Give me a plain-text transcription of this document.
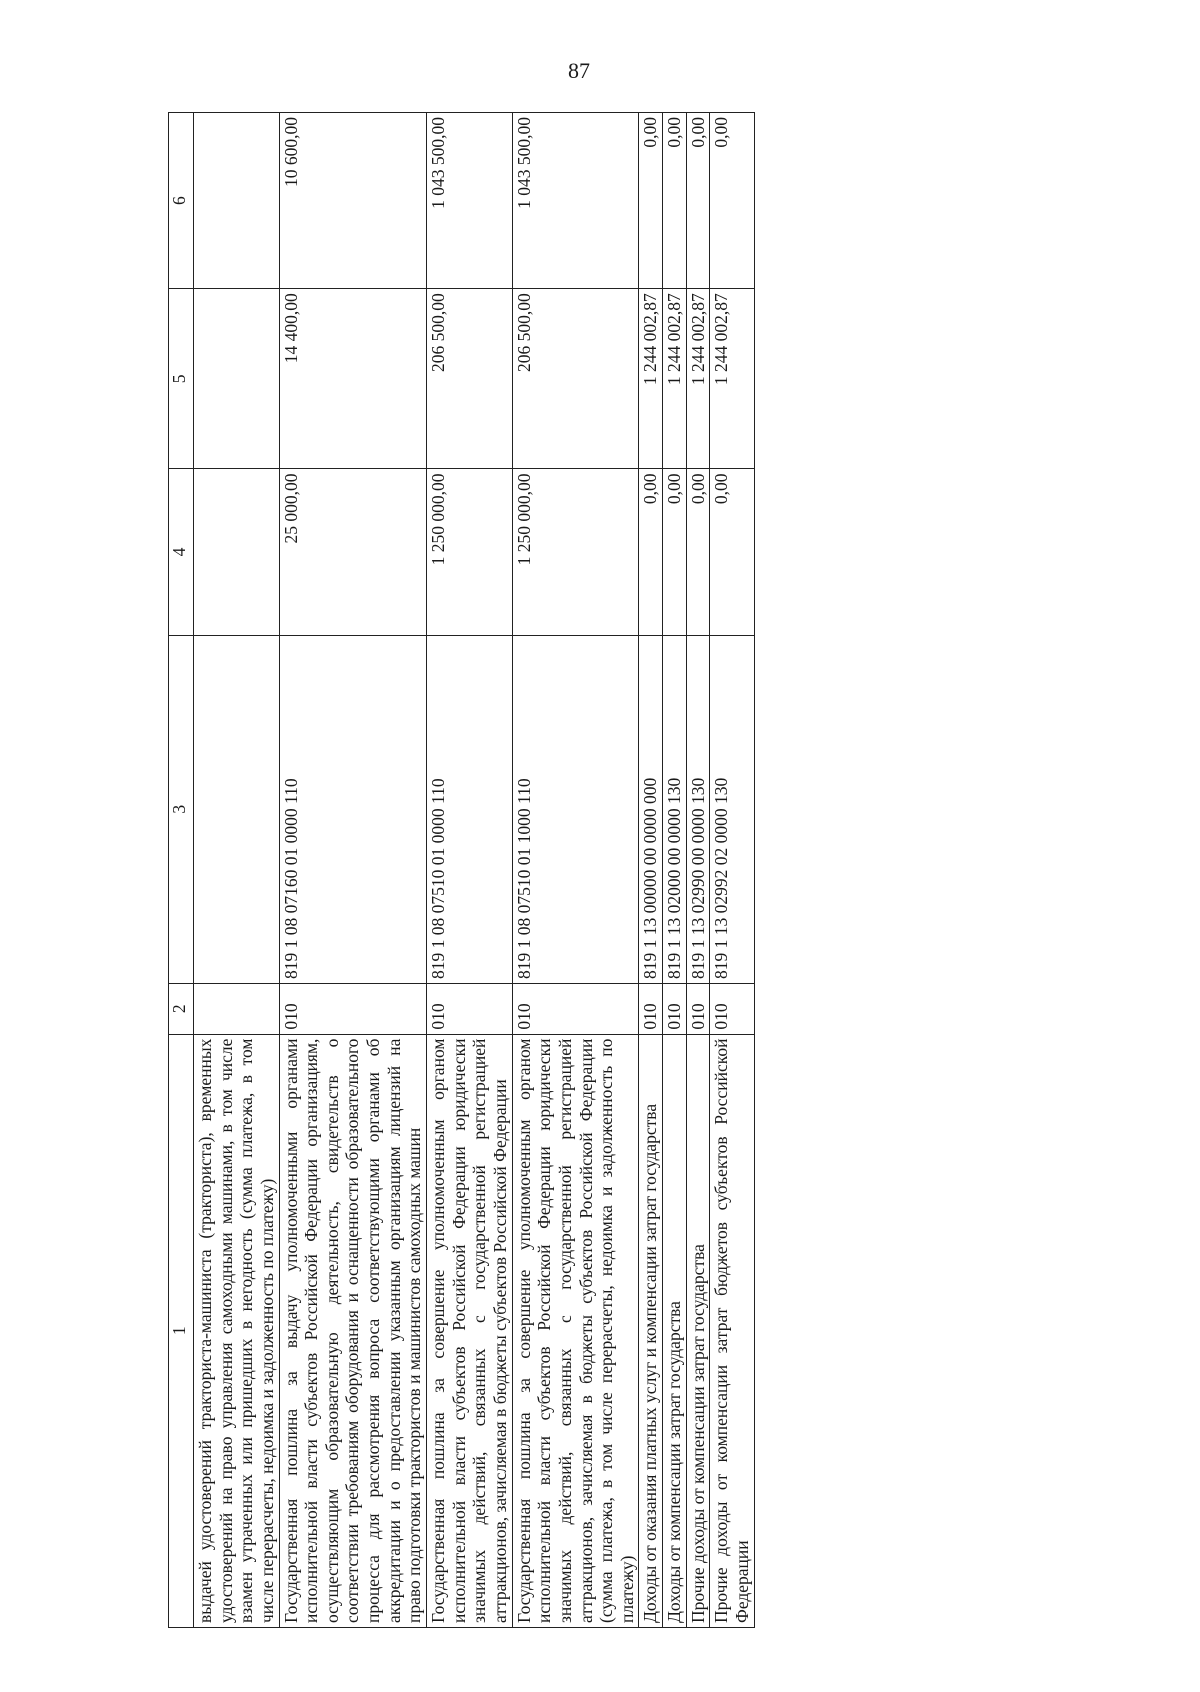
87
1	2	3	4	5	6
выдачей удостоверений тракториста-машиниста (тракториста), временных удостоверений на право управления самоходными машинами, в том числе взамен утраченных или пришедших в негодность (сумма платежа, в том числе перерасчеты, недоимка и задолженность по платежу)					
Государственная пошлина за выдачу уполномоченными органами исполнительной власти субъектов Российской Федерации организациям, осуществляющим образовательную деятельность, свидетельств о соответствии требованиям оборудования и оснащенности образовательного процесса для рассмотрения вопроса соответствующими органами об аккредитации и о предоставлении указанным организациям лицензий на право подготовки трактористов и машинистов самоходных машин	010	819 1 08 07160 01 0000 110	25 000,00	14 400,00	10 600,00
Государственная пошлина за совершение уполномоченным органом исполнительной власти субъектов Российской Федерации юридически значимых действий, связанных с государственной регистрацией аттракционов, зачисляемая в бюджеты субъектов Российской Федерации	010	819 1 08 07510 01 0000 110	1 250 000,00	206 500,00	1 043 500,00
Государственная пошлина за совершение уполномоченным органом исполнительной власти субъектов Российской Федерации юридически значимых действий, связанных с государственной регистрацией аттракционов, зачисляемая в бюджеты субъектов Российской Федерации (сумма платежа, в том числе перерасчеты, недоимка и задолженность по платежу)	010	819 1 08 07510 01 1000 110	1 250 000,00	206 500,00	1 043 500,00
Доходы от оказания платных услуг и компенсации затрат государства	010	819 1 13 00000 00 0000 000	0,00	1 244 002,87	0,00
Доходы от компенсации затрат государства	010	819 1 13 02000 00 0000 130	0,00	1 244 002,87	0,00
Прочие доходы от компенсации затрат государства	010	819 1 13 02990 00 0000 130	0,00	1 244 002,87	0,00
Прочие доходы от компенсации затрат бюджетов субъектов Российской Федерации	010	819 1 13 02992 02 0000 130	0,00	1 244 002,87	0,00
